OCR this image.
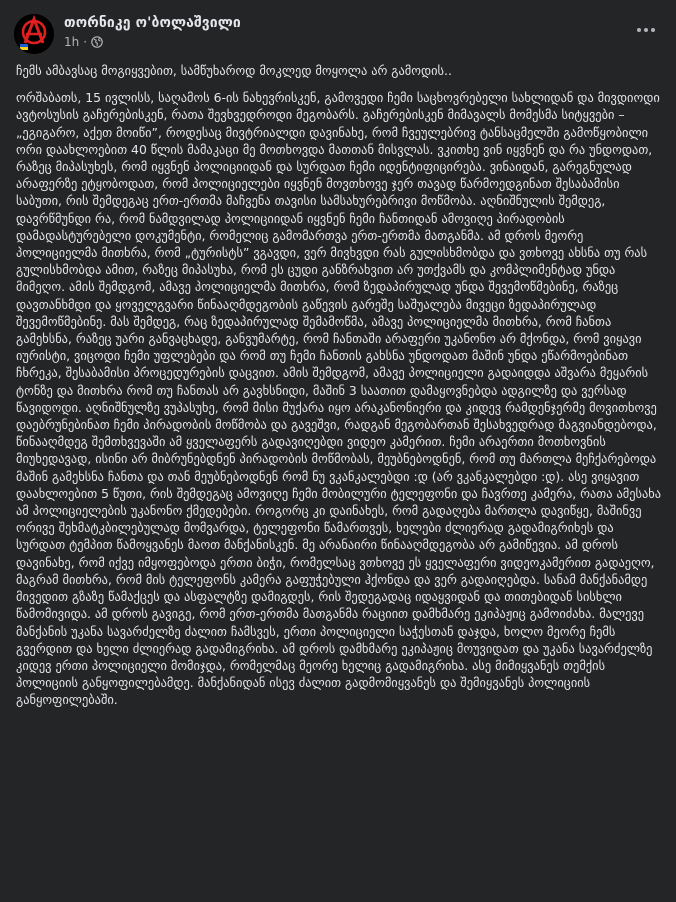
თორნიკე ო'ბოლაშვილი
1h ·

ჩემს ამბავსაც მოგიყვებით, სამწუხაროდ მოკლედ მოყოლა არ გამოდის..

ორშაბათს, 15 ივლისს, საღამოს 6-ის ნახევრისკენ, გამოვედი ჩემი საცხოვრებელი სახლიდან და მივდიოდი ავტოსუსის გაჩერებისკენ, რათა შევხვედროდი მეგობარს. გაჩერებისკენ მიმავალს მომესმა სიტყვები – „ეგიგარო, აქეთ მოიწი”, როდესაც მივტრიალდი დავინახე, რომ ჩვეულებრივ ტანსაცმელში გამოწყობილი ორი დაახლოებით 40 წლის მამაკაცი მე მოთხოვდა მათთან მისვლას. ვკითხე ვინ იყვნენ და რა უნდოდათ, რაზეც მიპასუხეს, რომ იყვნენ პოლიციიდან და სურდათ ჩემი იდენტიფიცირება. ვინაიდან, გარეგნულად არაფერზე ეტყობოდათ, რომ პოლიციელები იყვნენ მოვთხოვე ჯერ თავად წარმოედგინათ შესაბამისი საბუთი, რის შემდეგაც ერთ-ერთმა მაჩვენა თავისი სამსახურებრივი მოწმობა. აღნიშნულის შემდეგ, დავრწმუნდი რა, რომ ნამდვილად პოლიციიდან იყვნენ ჩემი ჩანთიდან ამოვიღე პირადობის დამადასტურებელი დოკუმენტი, რომელიც გამომართვა ერთ-ერთმა მათგანმა. ამ დროს მეორე პოლიციელმა მითხრა, რომ „ტურისტს” ვგავდი, ვერ მივხვდი რას გულისხმობდა და ვთხოვე ახსნა თუ რას გულისხმობდა ამით, რაზეც მიპასუხა, რომ ეს ცუდი განზრახვით არ უთქვამს და კომპლიმენტად უნდა მიმეღო. ამის შემდგომ, ამავე პოლიციელმა მითხრა, რომ ზედაპირულად უნდა შევემოწმებინე, რაზეც დავთანხმდი და ყოველგვარი წინააღმდეგობის გაწევის გარეშე საშუალება მივეცი ზედაპირულად შევემოწმებინე. მას შემდეგ, რაც ზედაპირულად შემამოწმა, ამავე პოლიციელმა მითხრა, რომ ჩანთა გამეხსნა, რაზეც უარი განვაცხადე, განვუმარტე, რომ ჩანთაში არაფერი უკანონო არ მქონდა, რომ ვიყავი იურისტი, ვიცოდი ჩემი უფლებები და რომ თუ ჩემი ჩანთის გახსნა უნდოდათ მაშინ უნდა ეწარმოებინათ ჩხრეკა, შესაბამისი პროცედურების დაცვით. ამის შემდგომ, ამავე პოლიციელი გადაიდდა აშვარა მეყარის ტონზე და მითხრა რომ თუ ჩანთას არ გავხსნიდი, მაშინ 3 საათით დამაყოვნებდა ადგილზე და ვერსად წავიდოდი. აღნიშნულზე ვუპასუხე, რომ მისი მუქარა იყო არაკანონიერი და კიდევ რამდენჯერმე მოვითხოვე დაებრუნებინათ ჩემი პირადობის მოწმობა და გავეშვი, რადგან მეგობართან შესახვედრად მაგვიანდებოდა, წინააღმდეგ შემთხვევაში ამ ყველაფერს გადავიღებდი ვიდეო კამერით. ჩემი არაერთი მოთხოვნის მიუხედავად, ისინი არ მიბრუნებდნენ პირადობის მოწმობას, მეუბნებოდნენ, რომ თუ მართლა მეჩქარებოდა მაშინ გამეხსნა ჩანთა და თან მეუბნებოდნენ რომ ნუ ვკანკალებდი :დ (არ ვკანკალებდი :დ). ასე ვიყავით დაახლოებით 5 წუთი, რის შემდეგაც ამოვიღე ჩემი მობილური ტელეფონი და ჩავრთე კამერა, რათა ამესახა ამ პოლიციელების უკანონო ქმედებები. როგორც კი დაინახეს, რომ გადაღება მართლა დავიწყე, მაშინვე ორივე შეხმატკბილებულად მომვარდა, ტელეფონი წამართვეს, ხელები ძლიერად გადამიგრიხეს და სურდათ ტემპით წამოყვანეს მაოთ მანქანისკენ. მე არანაირი წინააღმდეგობა არ გამიწევია. ამ დროს დავინახე, რომ იქვე იმყოფებოდა ერთი ბიჭი, რომელსაც ვთხოვე ეს ყველაფერი ვიდეოკამერით გადაეღო, მაგრამ მითხრა, რომ მის ტელეფონს კამერა გაფუჭებული ჰქონდა და ვერ გადაიღებდა. სანამ მანქანამდე მივედით გზაზე წამაქცეს და ასფალტზე დამიგდეს, რის შედეგადაც იდაყვიდან და თითებიდან სისხლი წამომივიდა. ამ დროს გავიგე, რომ ერთ-ერთმა მათგანმა რაციით დამხმარე ეკიპაჟიც გამოიძახა. მალევე მანქანის უკანა სავარძელზე ძალით ჩამსვეს, ერთი პოლიციელი საჭესთან დაჯდა, ხოლო მეორე ჩემს გვერდით და ხელი ძლიერად გადამიგრიხა. ამ დროს დამხმარე ეკიპაჟიც მოუვიდათ და უკანა სავარძელზე კიდევ ერთი პოლიციელი მომიჯდა, რომელმაც მეორე ხელიც გადამიგრიხა. ასე მიმიყვანეს თემქის პოლიციის განყოფილებამდე. მანქანიდან ისევ ძალით გადმომიყვანეს და შემიყვანეს პოლიციის განყოფილებაში.
